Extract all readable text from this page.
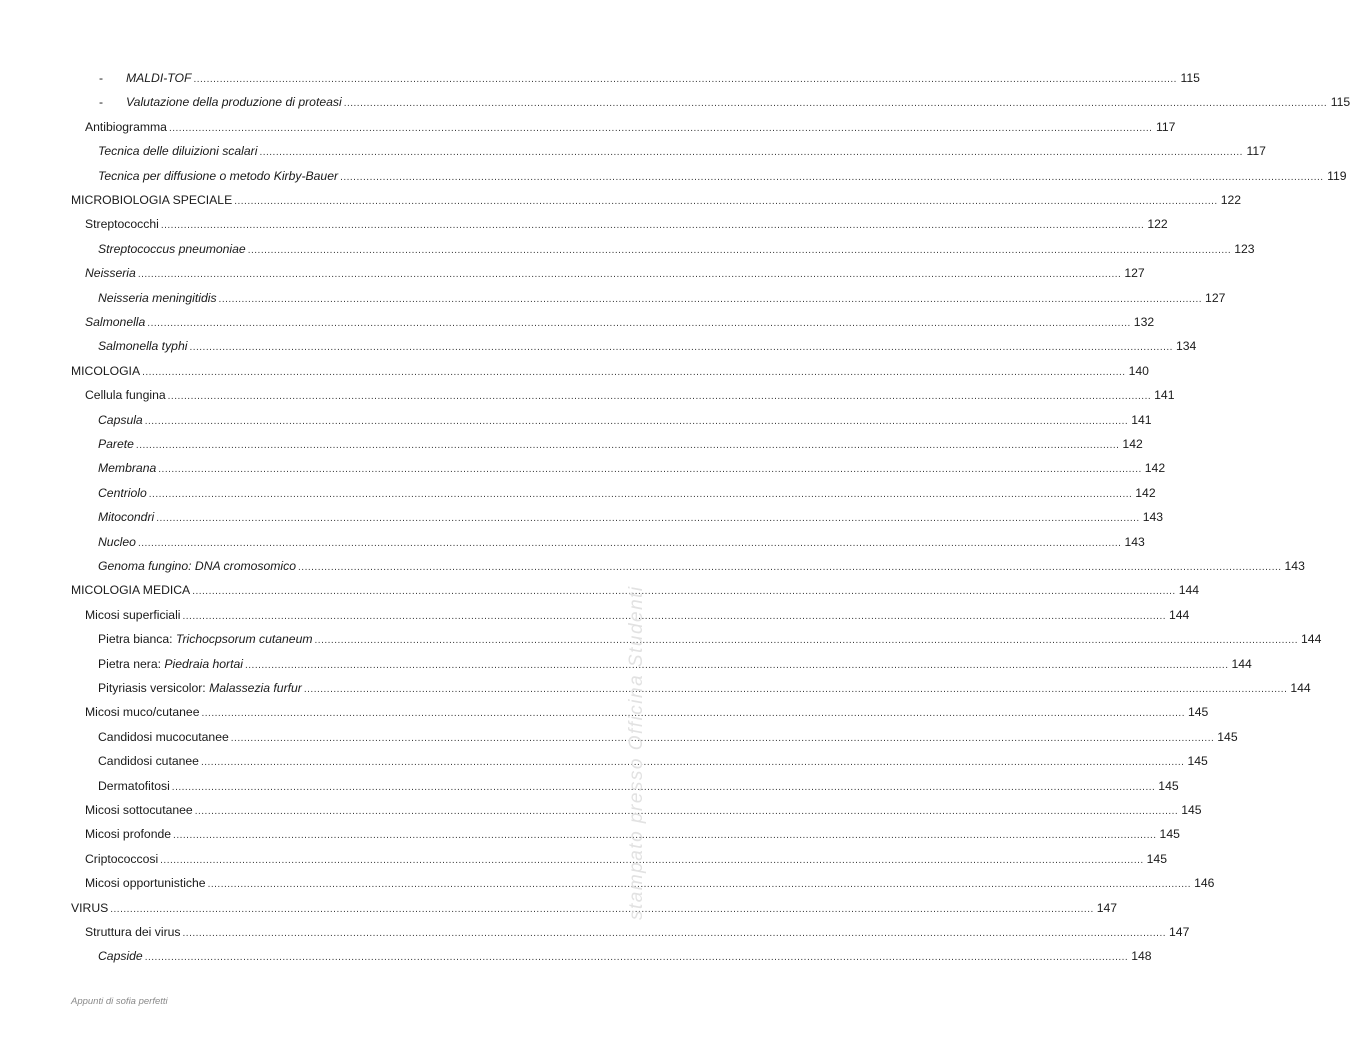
-	MALDI-TOF ............................................................................................................................................................................................................................................................................................................ 115
-	Valutazione della produzione di proteasi ............................................................................................................................................................................................................................................................................................................ 115
Antibiogramma ............................................................................................................................................................................................................................................................................................................ 117
Tecnica delle diluizioni scalari ............................................................................................................................................................................................................................................................................................................ 117
Tecnica per diffusione o metodo Kirby-Bauer ............................................................................................................................................................................................................................................................................................................ 119
MICROBIOLOGIA SPECIALE ............................................................................................................................................................................................................................................................................................................ 122
Streptococchi ............................................................................................................................................................................................................................................................................................................ 122
Streptococcus pneumoniae ............................................................................................................................................................................................................................................................................................................ 123
Neisseria ............................................................................................................................................................................................................................................................................................................ 127
Neisseria meningitidis ............................................................................................................................................................................................................................................................................................................ 127
Salmonella ............................................................................................................................................................................................................................................................................................................ 132
Salmonella typhi ............................................................................................................................................................................................................................................................................................................ 134
MICOLOGIA ............................................................................................................................................................................................................................................................................................................ 140
Cellula fungina ............................................................................................................................................................................................................................................................................................................ 141
Capsula ............................................................................................................................................................................................................................................................................................................ 141
Parete ............................................................................................................................................................................................................................................................................................................ 142
Membrana ............................................................................................................................................................................................................................................................................................................ 142
Centriolo ............................................................................................................................................................................................................................................................................................................ 142
Mitocondri ............................................................................................................................................................................................................................................................................................................ 143
Nucleo ............................................................................................................................................................................................................................................................................................................ 143
Genoma fungino: DNA cromosomico ............................................................................................................................................................................................................................................................................................................ 143
MICOLOGIA MEDICA ............................................................................................................................................................................................................................................................................................................ 144
Micosi superficiali ............................................................................................................................................................................................................................................................................................................ 144
Pietra bianca: Trichocpsorum cutaneum ............................................................................................................................................................................................................................................................................................................ 144
Pietra nera: Piedraia hortai ............................................................................................................................................................................................................................................................................................................ 144
Pityriasis versicolor: Malassezia furfur ............................................................................................................................................................................................................................................................................................................ 144
Micosi muco/cutanee ............................................................................................................................................................................................................................................................................................................ 145
Candidosi mucocutanee ............................................................................................................................................................................................................................................................................................................ 145
Candidosi cutanee ............................................................................................................................................................................................................................................................................................................ 145
Dermatofitosi ............................................................................................................................................................................................................................................................................................................ 145
Micosi sottocutanee ............................................................................................................................................................................................................................................................................................................ 145
Micosi profonde ............................................................................................................................................................................................................................................................................................................ 145
Criptococcosi ............................................................................................................................................................................................................................................................................................................ 145
Micosi opportunistiche ............................................................................................................................................................................................................................................................................................................ 146
VIRUS ............................................................................................................................................................................................................................................................................................................ 147
Struttura dei virus ............................................................................................................................................................................................................................................................................................................ 147
Capside ............................................................................................................................................................................................................................................................................................................ 148
stampato presso Officina Studenti
Appunti di sofia perfetti
